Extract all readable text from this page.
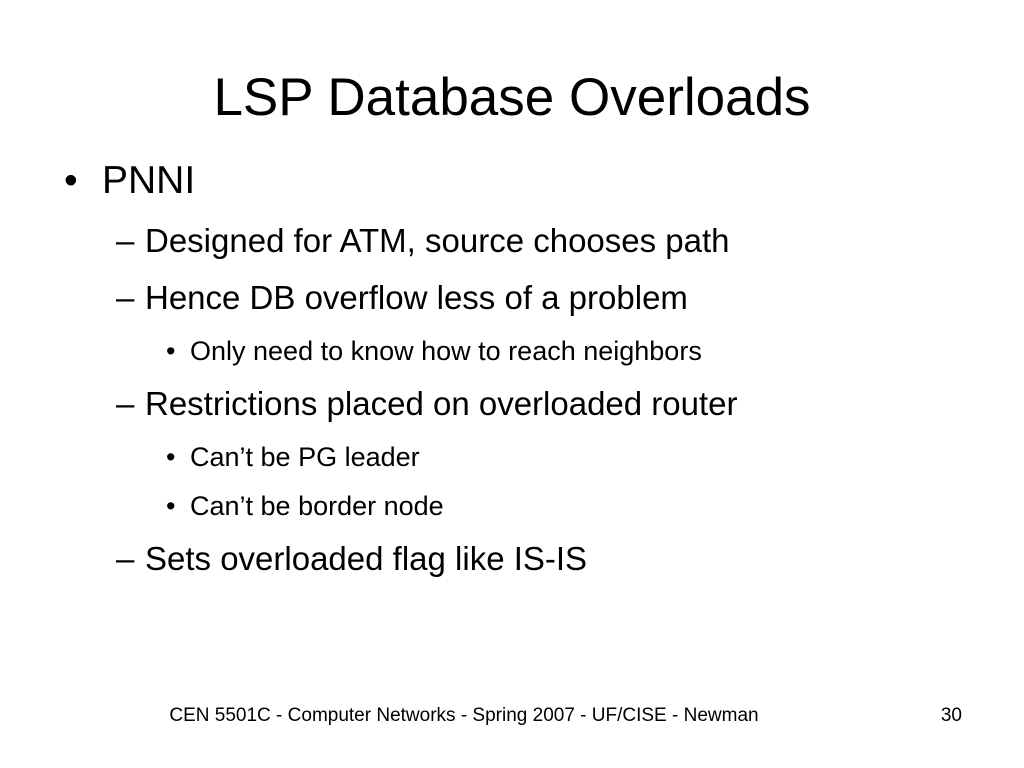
LSP Database Overloads
• PNNI
– Designed for ATM, source chooses path
– Hence DB overflow less of a problem
• Only need to know how to reach neighbors
– Restrictions placed on overloaded router
• Can’t be PG leader
• Can’t be border node
– Sets overloaded flag like IS-IS
CEN 5501C - Computer Networks - Spring 2007 - UF/CISE - Newman	30
